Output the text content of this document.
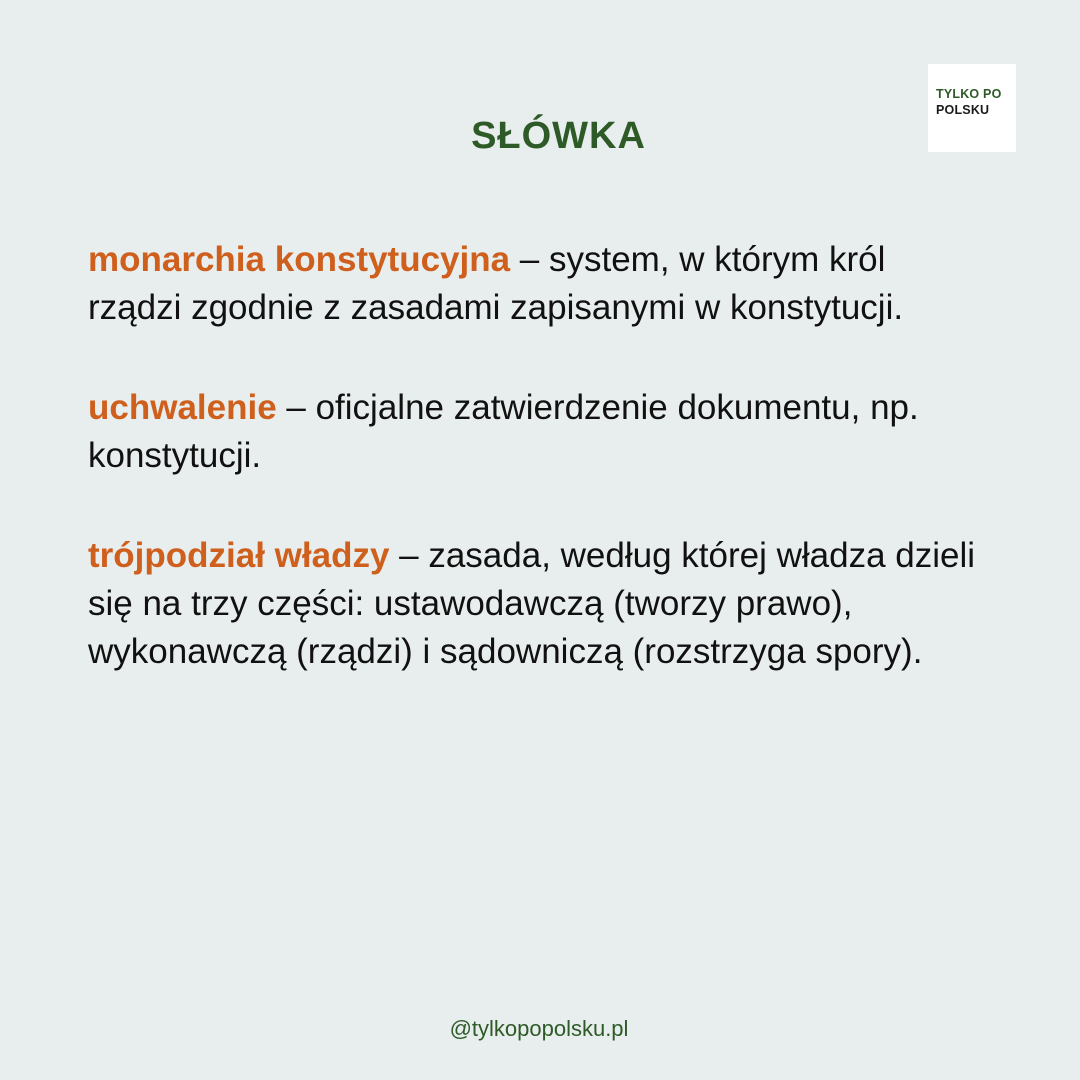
TYLKO PO
POLSKU
SŁÓWKA

monarchia konstytucyjna – system, w którym król rządzi zgodnie z zasadami zapisanymi w konstytucji.

uchwalenie – oficjalne zatwierdzenie dokumentu, np. konstytucji.

trójpodział władzy – zasada, według której władza dzieli się na trzy części: ustawodawczą (tworzy prawo), wykonawczą (rządzi) i sądowniczą (rozstrzyga spory).

@tylkopopolsku.pl
